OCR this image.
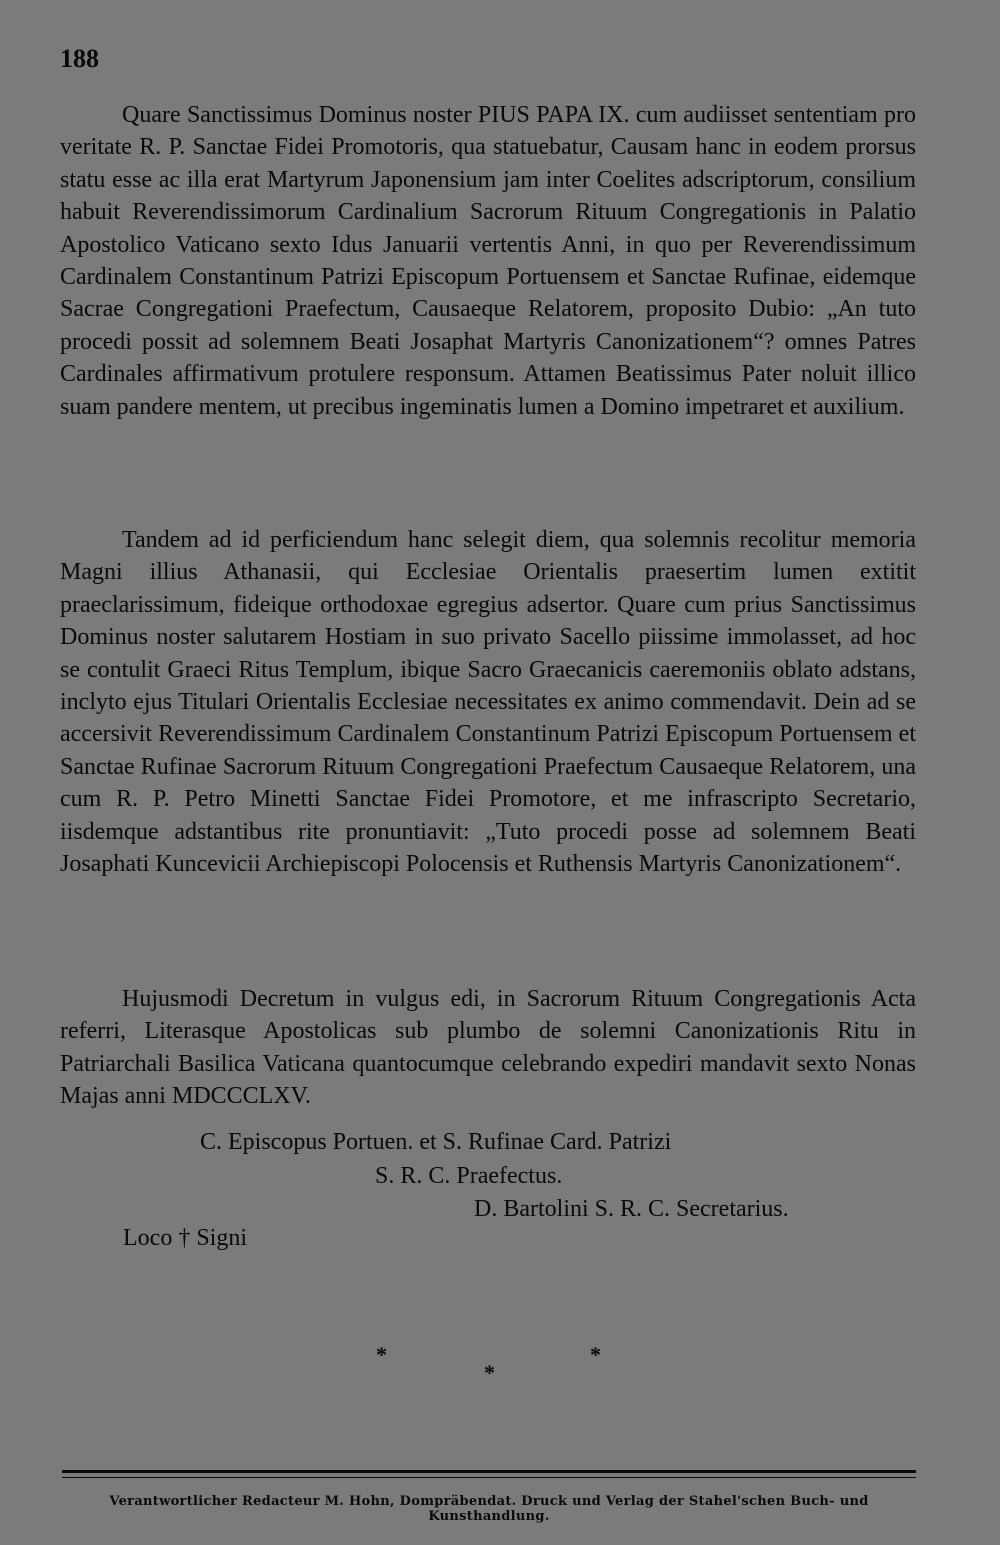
188

Quare Sanctissimus Dominus noster PIUS PAPA IX. cum audiisset sententiam pro veritate R. P. Sanctae Fidei Promotoris, qua statuebatur, Causam hanc in eodem prorsus statu esse ac illa erat Martyrum Japonensium jam inter Coelites adscriptorum, consilium habuit Reverendissimorum Cardinalium Sacrorum Rituum Congregationis in Palatio Apostolico Vaticano sexto Idus Januarii vertentis Anni, in quo per Reverendissimum Cardinalem Constantinum Patrizi Episcopum Portuensem et Sanctae Rufinae, eidemque Sacrae Congregationi Praefectum, Causaeque Relatorem, proposito Dubio: „An tuto procedi possit ad solemnem Beati Josaphat Martyris Canonizationem“? omnes Patres Cardinales affirmativum protulere responsum. Attamen Beatissimus Pater noluit illico suam pandere mentem, ut precibus ingeminatis lumen a Domino impetraret et auxilium.

Tandem ad id perficiendum hanc selegit diem, qua solemnis recolitur memoria Magni illius Athanasii, qui Ecclesiae Orientalis praesertim lumen extitit praeclarissimum, fideique orthodoxae egregius adsertor. Quare cum prius Sanctissimus Dominus noster salutarem Hostiam in suo privato Sacello piissime immolasset, ad hoc se contulit Graeci Ritus Templum, ibique Sacro Graecanicis caeremoniis oblato adstans, inclyto ejus Titulari Orientalis Ecclesiae necessitates ex animo commendavit. Dein ad se accersivit Reverendissimum Cardinalem Constantinum Patrizi Episcopum Portuensem et Sanctae Rufinae Sacrorum Rituum Congregationi Praefectum Causaeque Relatorem, una cum R. P. Petro Minetti Sanctae Fidei Promotore, et me infrascripto Secretario, iisdemque adstantibus rite pronuntiavit: „Tuto procedi posse ad solemnem Beati Josaphati Kuncevicii Archiepiscopi Polocensis et Ruthensis Martyris Canonizationem“.

Hujusmodi Decretum in vulgus edi, in Sacrorum Rituum Congregationis Acta referri, Literasque Apostolicas sub plumbo de solemni Canonizationis Ritu in Patriarchali Basilica Vaticana quantocumque celebrando expediri mandavit sexto Nonas Majas anni MDCCCLXV.

C. Episcopus Portuen. et S. Rufinae Card. Patrizi
S. R. C. Praefectus.
D. Bartolini S. R. C. Secretarius.
Loco † Signi
*
*
*
Verantwortlicher Redacteur M. Hohn, Dompräbendat. Druck und Verlag der Stahel'schen Buch- und Kunsthandlung.
